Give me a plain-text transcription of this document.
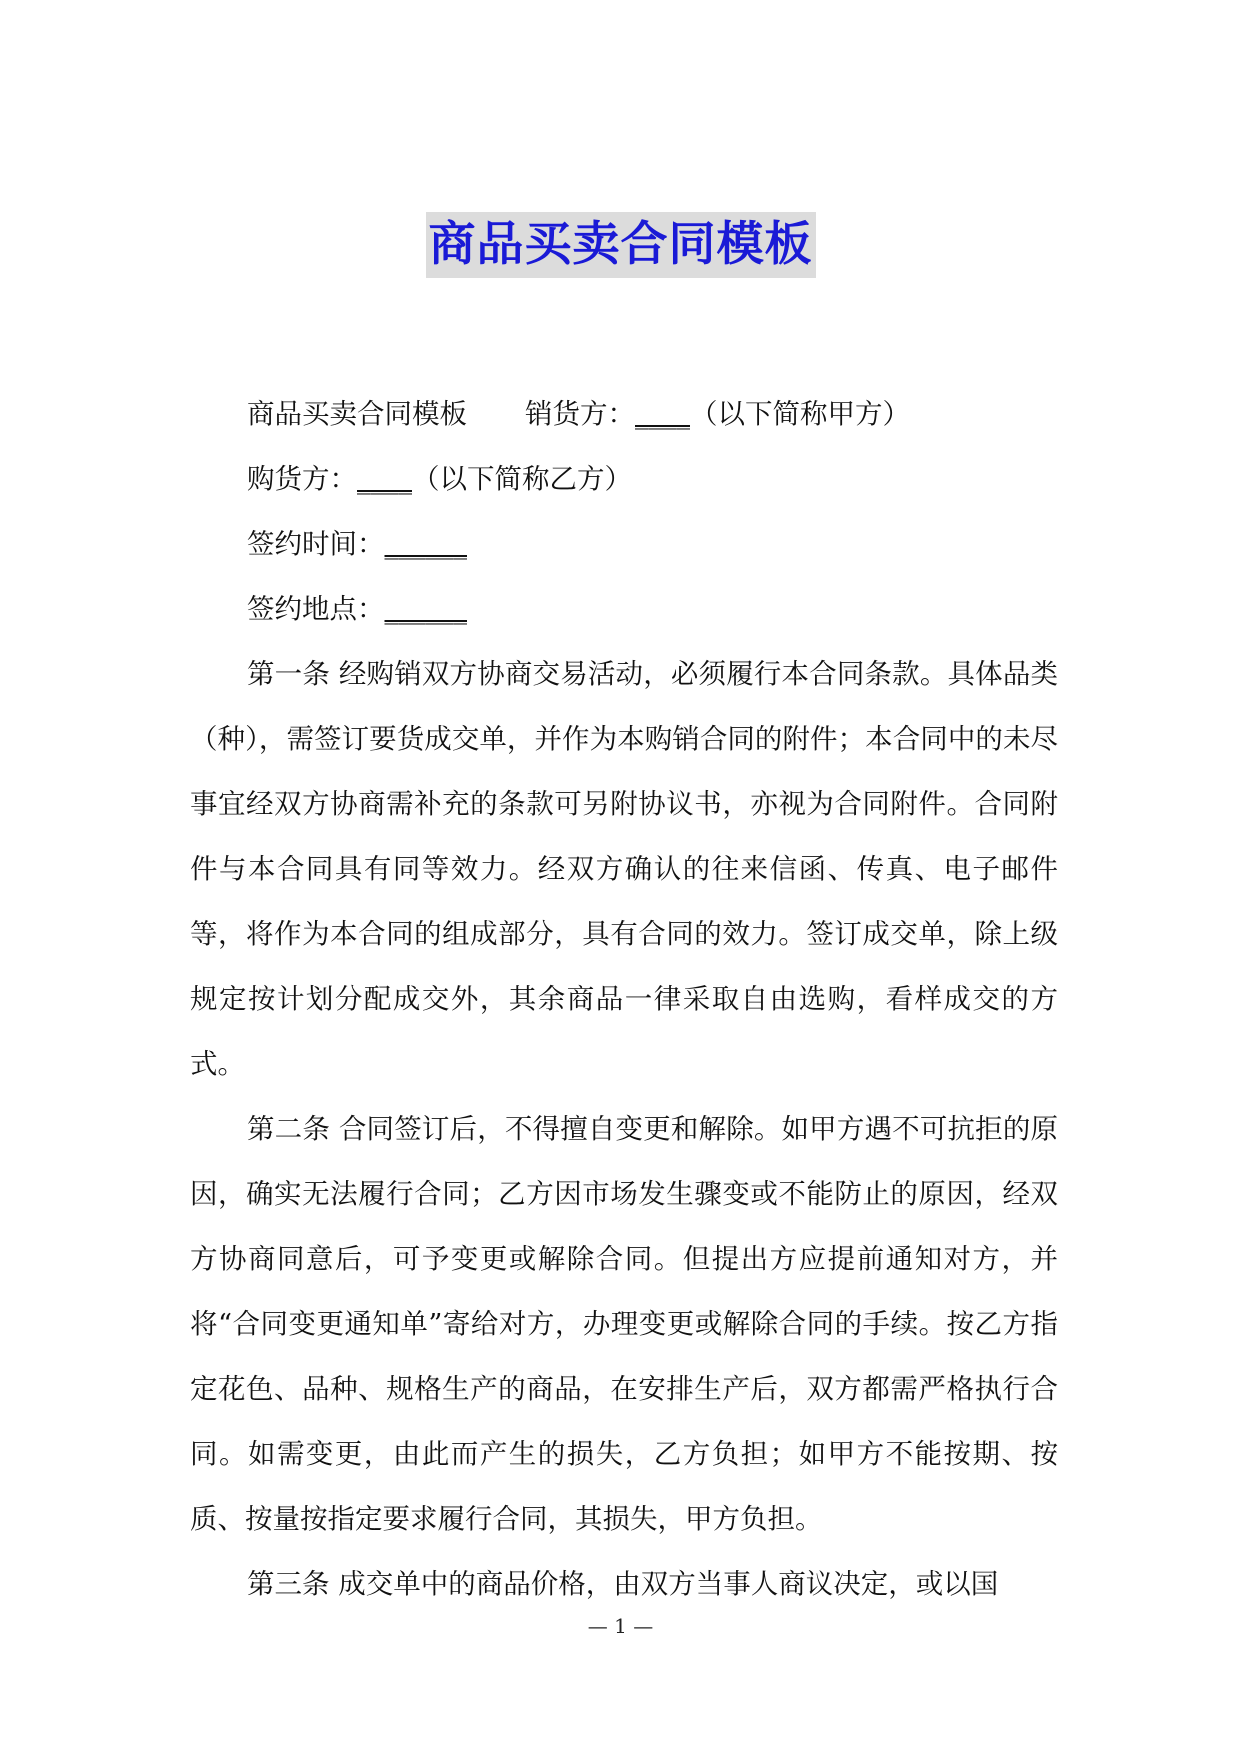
商品买卖合同模板
商品买卖合同模板 销货方：____（以下简称甲方）
购货方：____（以下简称乙方）
签约时间：______
签约地点：______

第一条 经购销双方协商交易活动，必须履行本合同条款。具体品类 （种），需签订要货成交单，并作为本购销合同的附件；本合同中的未尽事宜经双方协商需补充的条款可另附协议书，亦视为合同附件。合同附件与本合同具有同等效力。经双方确认的往来信函、传真、电子邮件等，将作为本合同的组成部分，具有合同的效力。签订成交单，除上级规定按计划分配成交外，其余商品一律采取自由选购，看样成交的方式。

第二条 合同签订后，不得擅自变更和解除。如甲方遇不可抗拒的原因，确实无法履行合同；乙方因市场发生骤变或不能防止的原因，经双方协商同意后，可予变更或解除合同。但提出方应提前通知对方，并将“合同变更通知单”寄给对方，办理变更或解除合同的手续。按乙方指定花色、品种、规格生产的商品，在安排生产后，双方都需严格执行合同。如需变更，由此而产生的损失，乙方负担；如甲方不能按期、按质、按量按指定要求履行合同，其损失，甲方负担。

第三条 成交单中的商品价格，由双方当事人商议决定，或以国

— 1 —
